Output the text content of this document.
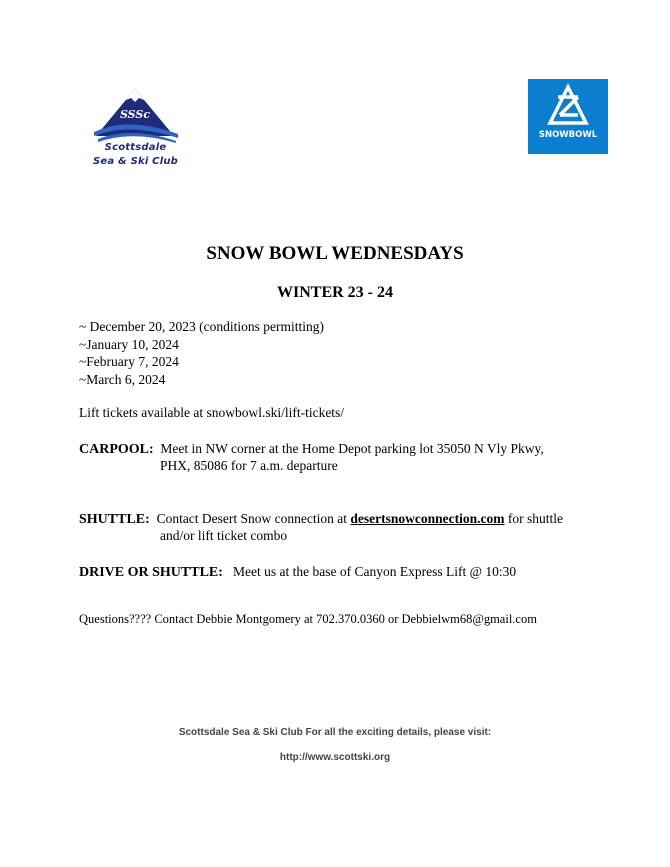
SSSc
Scottsdale
Sea & Ski Club
SNOWBOWL
SNOW BOWL WEDNESDAYS
WINTER 23 - 24
~ December 20, 2023 (conditions permitting)
~January 10, 2024
~February 7, 2024
~March 6, 2024
Lift tickets available at snowbowl.ski/lift-tickets/
CARPOOL: Meet in NW corner at the Home Depot parking lot 35050 N Vly Pkwy,
PHX, 85086 for 7 a.m. departure
SHUTTLE: Contact Desert Snow connection at desertsnowconnection.com for shuttle
and/or lift ticket combo
DRIVE OR SHUTTLE: Meet us at the base of Canyon Express Lift @ 10:30
Questions???? Contact Debbie Montgomery at 702.370.0360 or Debbielwm68@gmail.com
Scottsdale Sea & Ski Club For all the exciting details, please visit:
http://www.scottski.org
